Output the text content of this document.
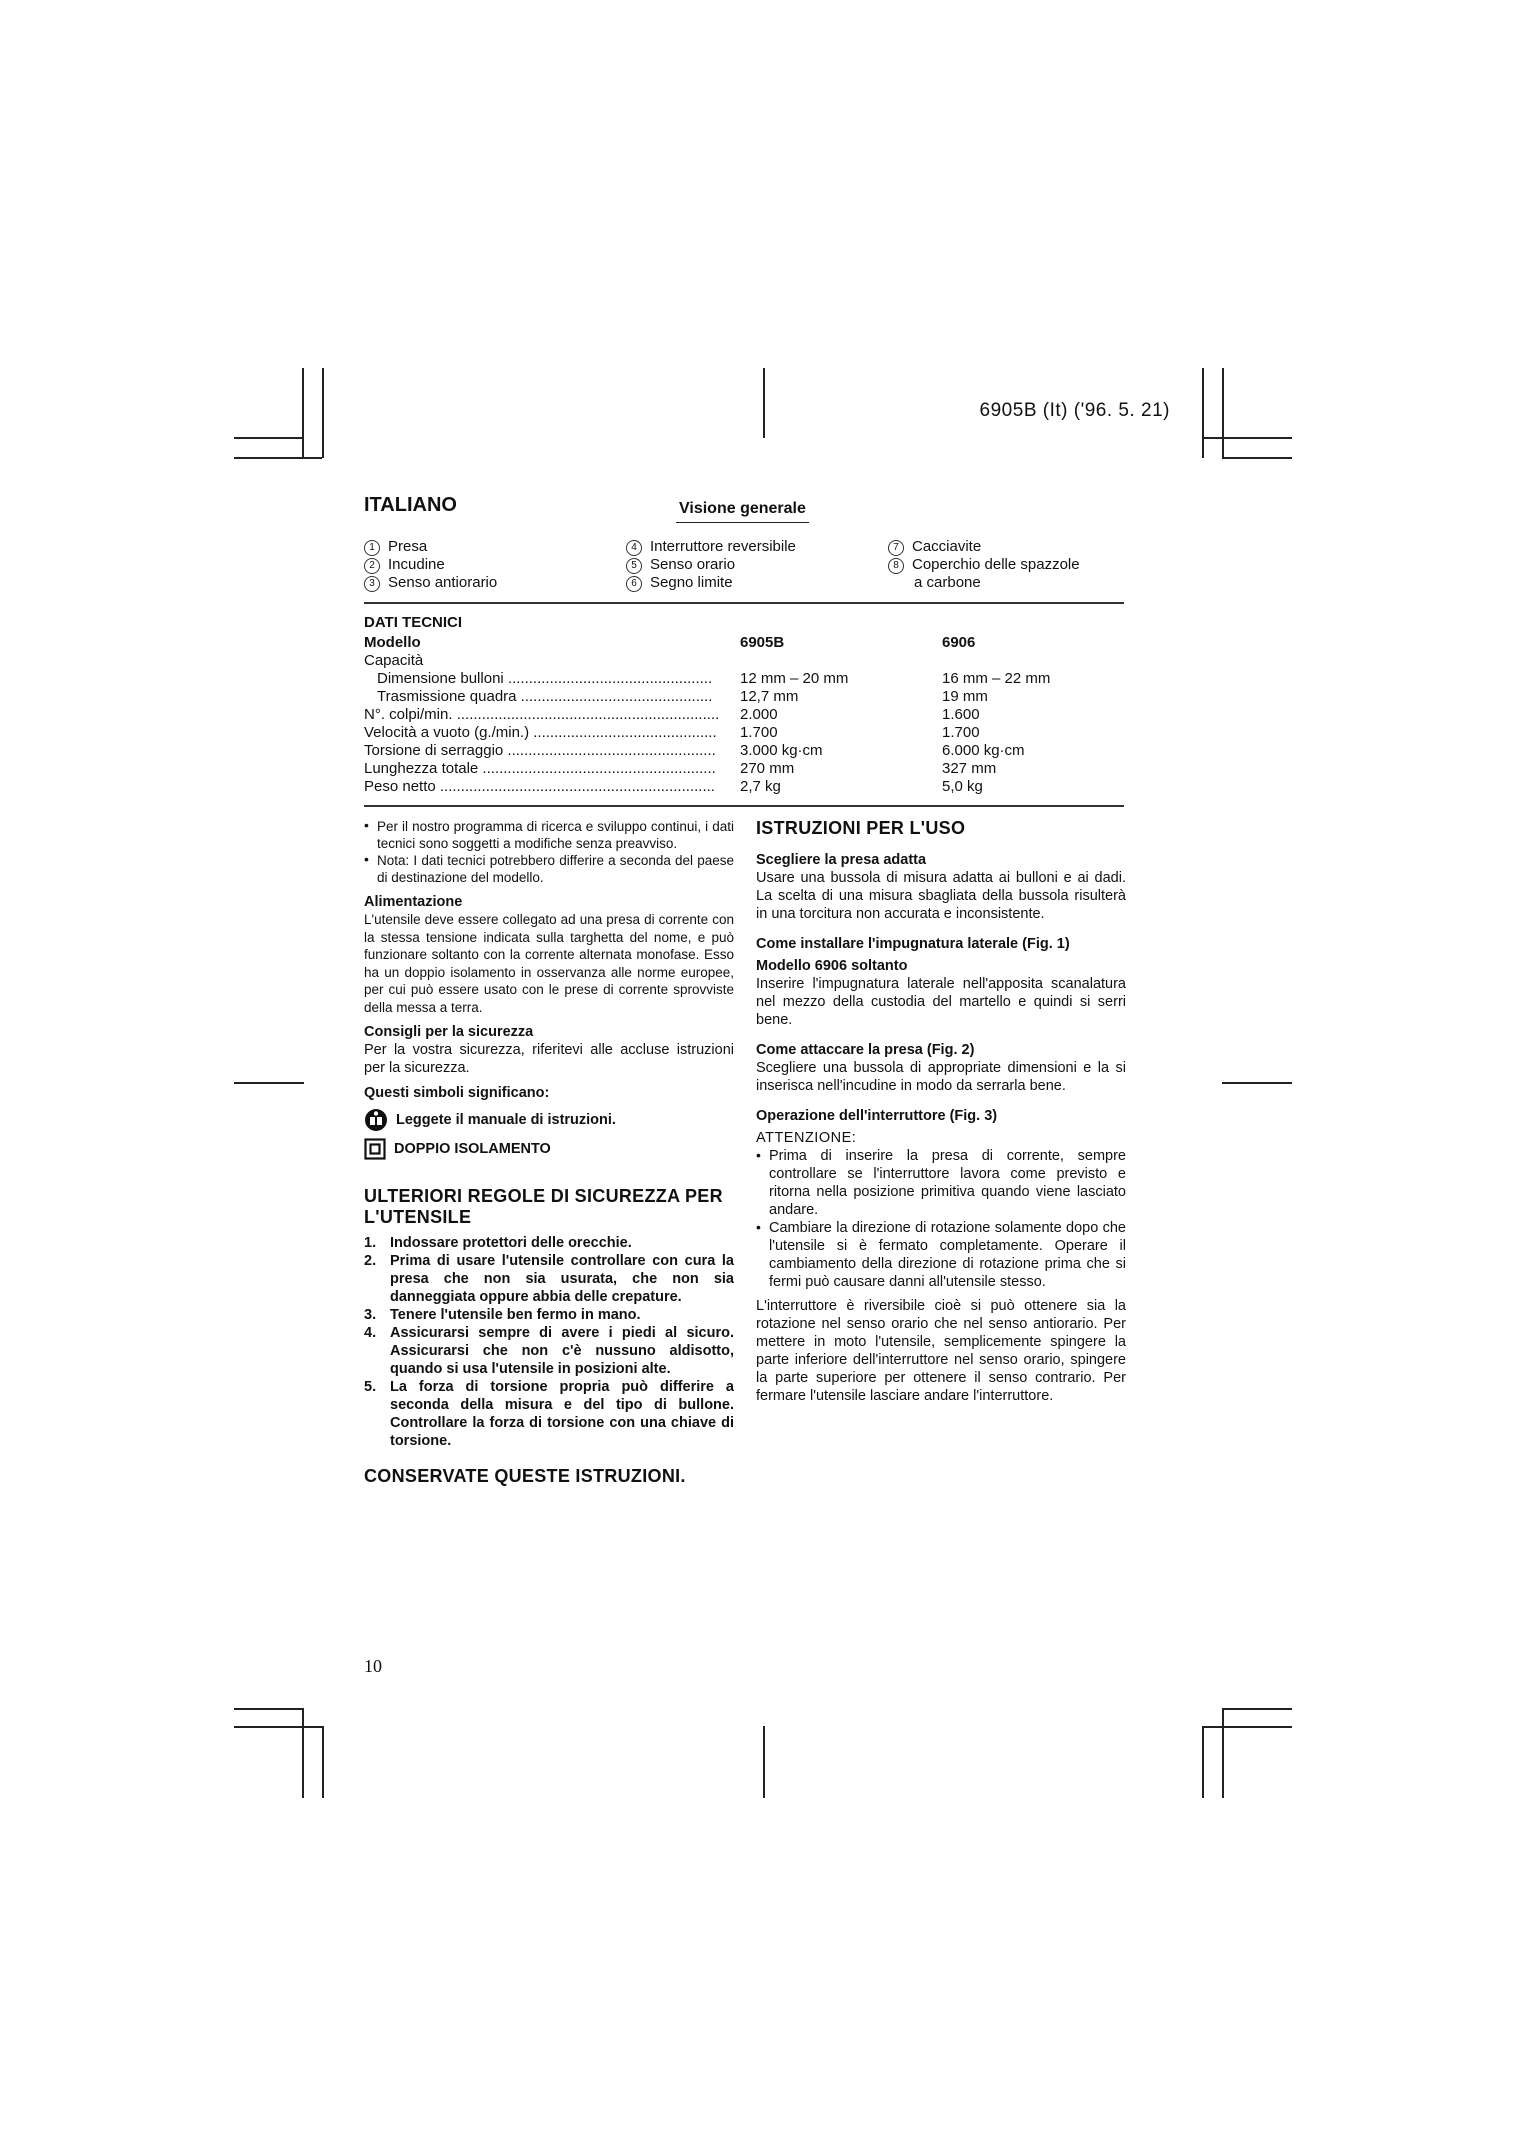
6905B (It) ('96. 5. 21)
ITALIANO	Visione generale
1 Presa
2 Incudine
3 Senso antiorario
4 Interruttore reversibile
5 Senso orario
6 Segno limite
7 Cacciavite
8 Coperchio delle spazzole
a carbone
DATI TECNICI
Modello	6905B	6906
Capacità
Dimensione bulloni .................................................	12 mm – 20 mm	16 mm – 22 mm
Trasmissione quadra ..............................................	12,7 mm	19 mm
N°. colpi/min. ...............................................................	2.000	1.600
Velocità a vuoto (g./min.) ............................................	1.700	1.700
Torsione di serraggio ..................................................	3.000 kg·cm	6.000 kg·cm
Lunghezza totale ........................................................	270 mm	327 mm
Peso netto ..................................................................	2,7 kg	5,0 kg
• Per il nostro programma di ricerca e sviluppo continui, i dati tecnici sono soggetti a modifiche senza preavviso.
• Nota: I dati tecnici potrebbero differire a seconda del paese di destinazione del modello.
Alimentazione

L'utensile deve essere collegato ad una presa di corrente con la stessa tensione indicata sulla targhetta del nome, e può funzionare soltanto con la corrente alternata monofase. Esso ha un doppio isolamento in osservanza alle norme europee, per cui può essere usato con le prese di corrente sprovviste della messa a terra.

Consigli per la sicurezza

Per la vostra sicurezza, riferitevi alle accluse istruzioni per la sicurezza.

Questi simboli significano:
Leggete il manuale di istruzioni.
DOPPIO ISOLAMENTO
ULTERIORI REGOLE DI SICUREZZA PER L'UTENSILE
1. Indossare protettori delle orecchie.
2. Prima di usare l'utensile controllare con cura la presa che non sia usurata, che non sia danneggiata oppure abbia delle crepature.
3. Tenere l'utensile ben fermo in mano.
4. Assicurarsi sempre di avere i piedi al sicuro. Assicurarsi che non c'è nussuno aldisotto, quando si usa l'utensile in posizioni alte.
5. La forza di torsione propria può differire a seconda della misura e del tipo di bullone. Controllare la forza di torsione con una chiave di torsione.
CONSERVATE QUESTE ISTRUZIONI.
ISTRUZIONI PER L'USO
Scegliere la presa adatta

Usare una bussola di misura adatta ai bulloni e ai dadi. La scelta di una misura sbagliata della bussola risulterà in una torcitura non accurata e inconsistente.

Come installare l'impugnatura laterale (Fig. 1)
Modello 6906 soltanto

Inserire l'impugnatura laterale nell'apposita scanalatura nel mezzo della custodia del martello e quindi si serri bene.

Come attaccare la presa (Fig. 2)

Scegliere una bussola di appropriate dimensioni e la si inserisca nell'incudine in modo da serrarla bene.

Operazione dell'interruttore (Fig. 3)
ATTENZIONE:
• Prima di inserire la presa di corrente, sempre controllare se l'interruttore lavora come previsto e ritorna nella posizione primitiva quando viene lasciato andare.
• Cambiare la direzione di rotazione solamente dopo che l'utensile si è fermato completamente. Operare il cambiamento della direzione di rotazione prima che si fermi può causare danni all'utensile stesso.

L'interruttore è riversibile cioè si può ottenere sia la rotazione nel senso orario che nel senso antiorario. Per mettere in moto l'utensile, semplicemente spingere la parte inferiore dell'interruttore nel senso orario, spingere la parte superiore per ottenere il senso contrario. Per fermare l'utensile lasciare andare l'interruttore.

10
